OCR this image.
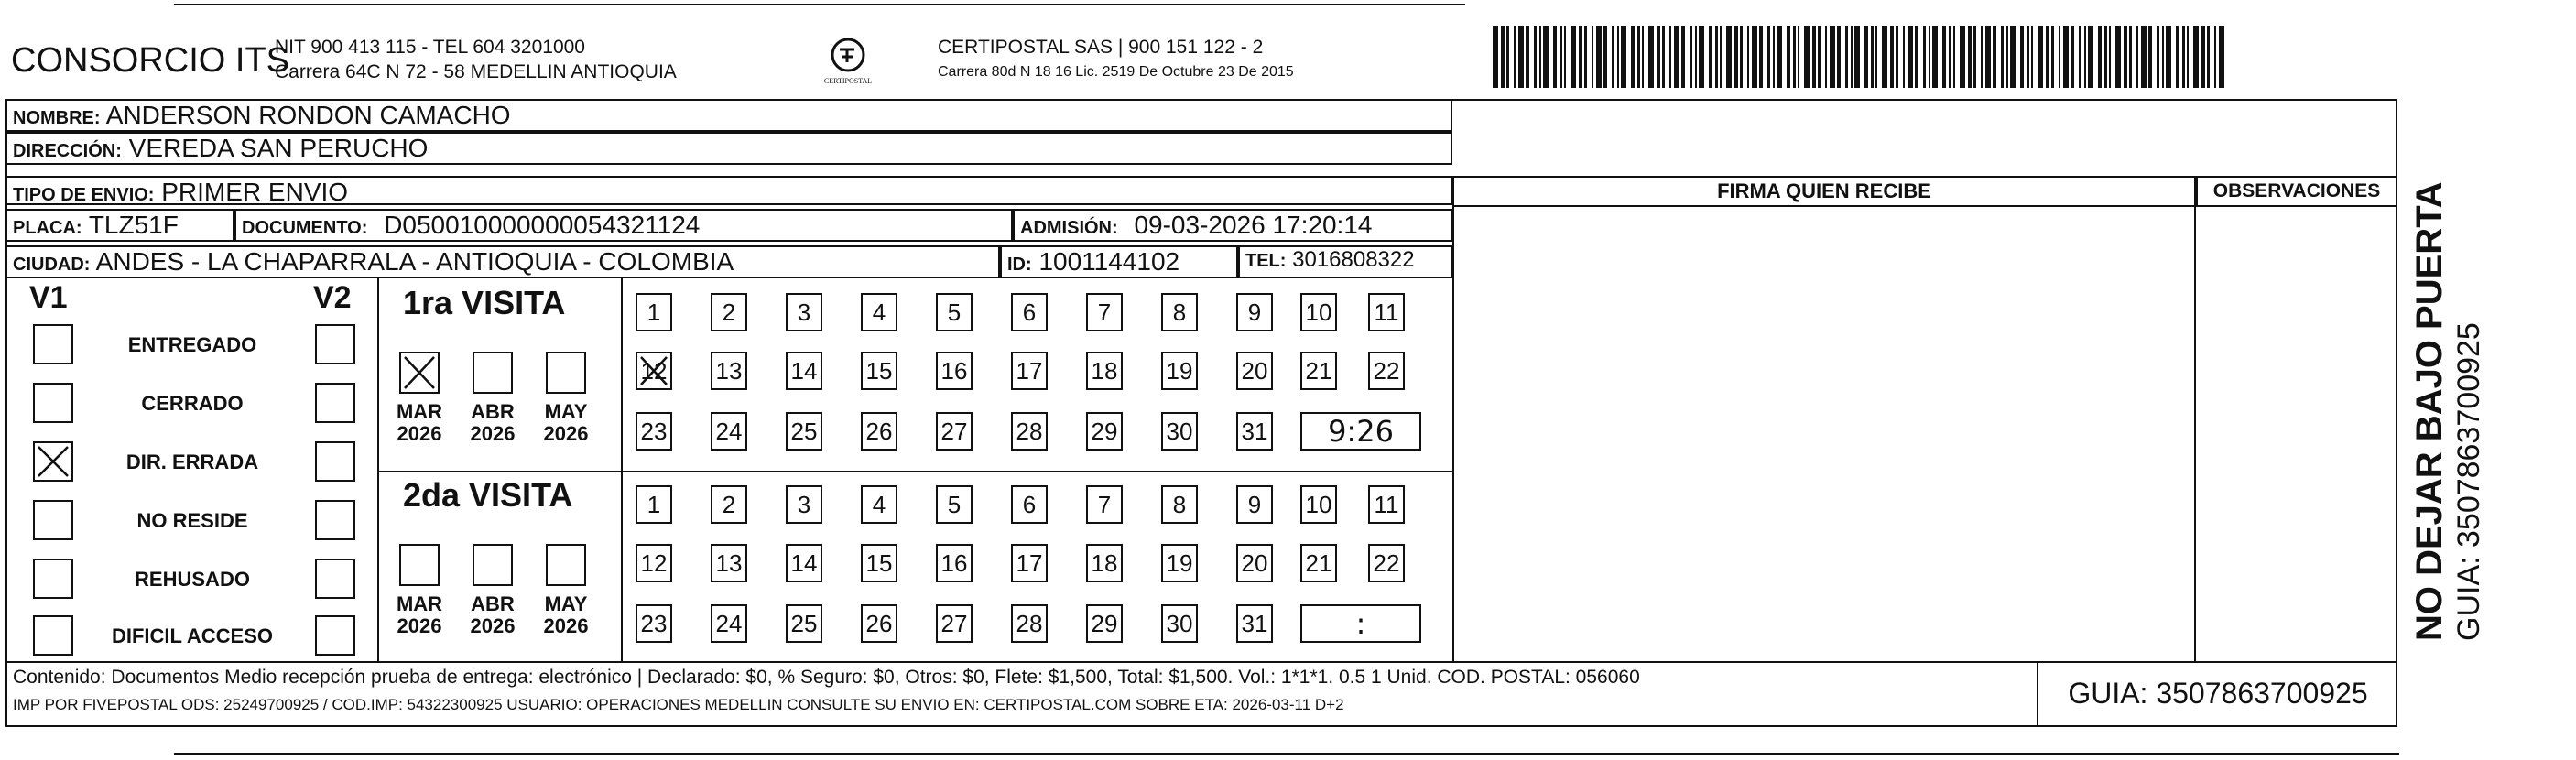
CONSORCIO ITS
NIT 900 413 115 - TEL 604 3201000
Carrera 64C N 72 - 58 MEDELLIN ANTIOQUIA	CERTIPOSTAL
CERTIPOSTAL SAS | 900 151 122 - 2
Carrera 80d N 18 16 Lic. 2519 De Octubre 23 De 2015
NOMBRE: ANDERSON RONDON CAMACHO
DIRECCIÓN: VEREDA SAN PERUCHO
TIPO DE ENVIO: PRIMER ENVIO
PLACA: TLZ51F	DOCUMENTO: D050010000000054321124	ADMISIÓN: 09-03-2026 17:20:14
CIUDAD: ANDES - LA CHAPARRALA - ANTIOQUIA - COLOMBIA	ID: 1001144102	TEL: 3016808322
FIRMA QUIEN RECIBE	OBSERVACIONES
V1	V2
ENTREGADO
CERRADO
DIR. ERRADA
NO RESIDE
REHUSADO
DIFICIL ACCESO
1ra VISITA
2da VISITA
MAR
2026
ABR
2026
MAY
2026
1	2	3	4	5	6	7	8	9	10 11
12 13 14 15 16 17 18 19 20 21 22
23 24 25 26 27 28 29 30 31	9:26
MAR
2026
ABR
2026
MAY
2026
1	2	3	4	5	6	7	8	9	10 11
12 13 14 15 16 17 18 19 20 21 22
23 24 25 26 27 28 29 30 31	:
Contenido: Documentos Medio recepción prueba de entrega: electrónico | Declarado: $0, % Seguro: $0, Otros: $0, Flete: $1,500, Total: $1,500. Vol.: 1*1*1. 0.5 1 Unid. COD. POSTAL: 056060
IMP POR FIVEPOSTAL ODS: 25249700925 / COD.IMP: 54322300925 USUARIO: OPERACIONES MEDELLIN CONSULTE SU ENVIO EN: CERTIPOSTAL.COM SOBRE ETA: 2026-03-11 D+2	GUIA: 3507863700925
NO DEJAR BAJO PUERTA GUIA: 3507863700925
